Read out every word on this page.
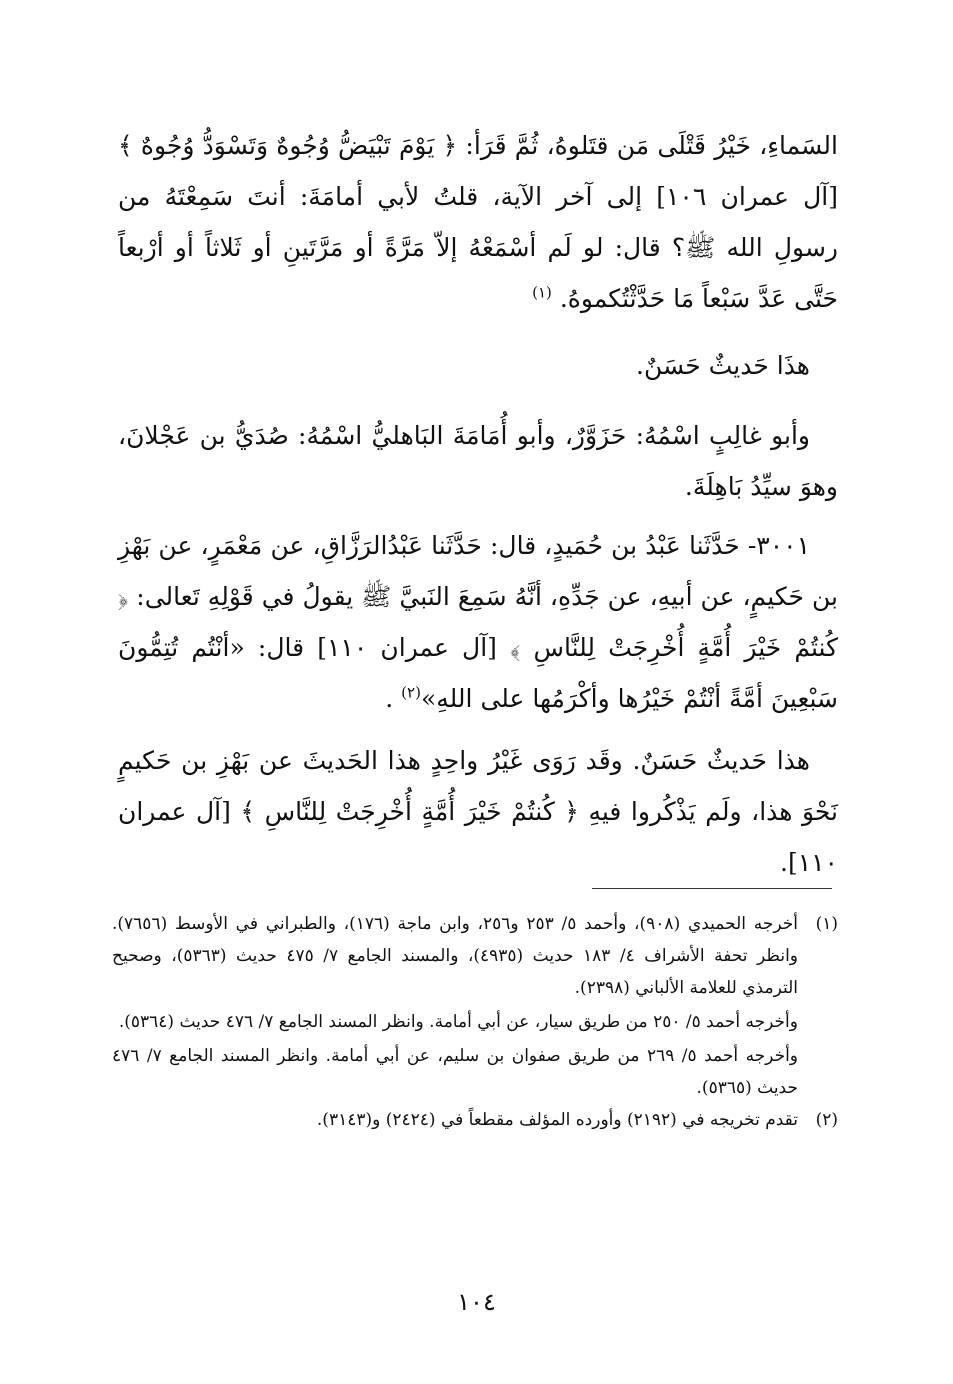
السَماءِ، خَيْرُ قَتْلَى مَن قتَلوهُ، ثُمَّ قَرَأ: ﴿ يَوْمَ تَبْيَضُّ وُجُوهٌ وَتَسْوَدُّ وُجُوهٌ ﴾ [آل عمران ١٠٦] إلى آخر الآية، قلتُ لأبي أمامَةَ: أنتَ سَمِعْتَهُ من رسولِ الله ﷺ؟ قال: لو لَم أسْمَعْهُ إلاّ مَرَّةً أو مَرَّتَينِ أو ثَلاثاً أو أرْبعاً حَتَّى عَدَّ سَبْعاً مَا حَدَّثْتُكموهُ. $^{(١)}$

هذَا حَديثٌ حَسَنٌ.

وأبو غالِبٍ اسْمُهُ: حَزَوَّرٌ، وأبو أُمَامَةَ البَاهليُّ اسْمُهُ: صُدَيُّ بن عَجْلانَ، وهوَ سيِّدُ بَاهِلَةَ.

٣٠٠١- حَدَّثَنا عَبْدُ بن حُمَيدٍ، قال: حَدَّثَنا عَبْدُالرَزَّاقِ، عن مَعْمَرٍ، عن بَهْزِ بن حَكيمٍ، عن أبيهِ، عن جَدِّهِ، أنَّهُ سَمِعَ النَبيَّ ﷺ يقولُ في قَوْلِهِ تَعالى: ﴿ كُنتُمْ خَيْرَ أُمَّةٍ أُخْرِجَتْ لِلنَّاسِ ﴾ [آل عمران ١١٠] قال: «أنْتُم تُتِمُّونَ سَبْعِينَ أمَّةً أنْتُمْ خَيْرُها وأكْرَمُها على اللهِ»$^{(٢)}$ .

هذا حَديثٌ حَسَنٌ. وقَد رَوَى غَيْرُ واحِدٍ هذا الحَديثَ عن بَهْزِ بن حَكيمٍ نَحْوَ هذا، ولَم يَذْكُروا فيهِ ﴿ كُنتُمْ خَيْرَ أُمَّةٍ أُخْرِجَتْ لِلنَّاسِ ﴾ [آل عمران ١١٠].

(١)

أخرجه الحميدي (٩٠٨)، وأحمد ٥/ ٢٥٣ و٢٥٦، وابن ماجة (١٧٦)، والطبراني في الأوسط (٧٦٥٦). وانظر تحفة الأشراف ٤/ ١٨٣ حديث (٤٩٣٥)، والمسند الجامع ٧/ ٤٧٥ حديث (٥٣٦٣)، وصحيح الترمذي للعلامة الألباني (٢٣٩٨).

وأخرجه أحمد ٥/ ٢٥٠ من طريق سيار، عن أبي أمامة. وانظر المسند الجامع ٧/ ٤٧٦ حديث (٥٣٦٤).

وأخرجه أحمد ٥/ ٢٦٩ من طريق صفوان بن سليم، عن أبي أمامة. وانظر المسند الجامع ٧/ ٤٧٦ حديث (٥٣٦٥).

(٢)

تقدم تخريجه في (٢١٩٢) وأورده المؤلف مقطعاً في (٢٤٢٤) و(٣١٤٣).

١٠٤
